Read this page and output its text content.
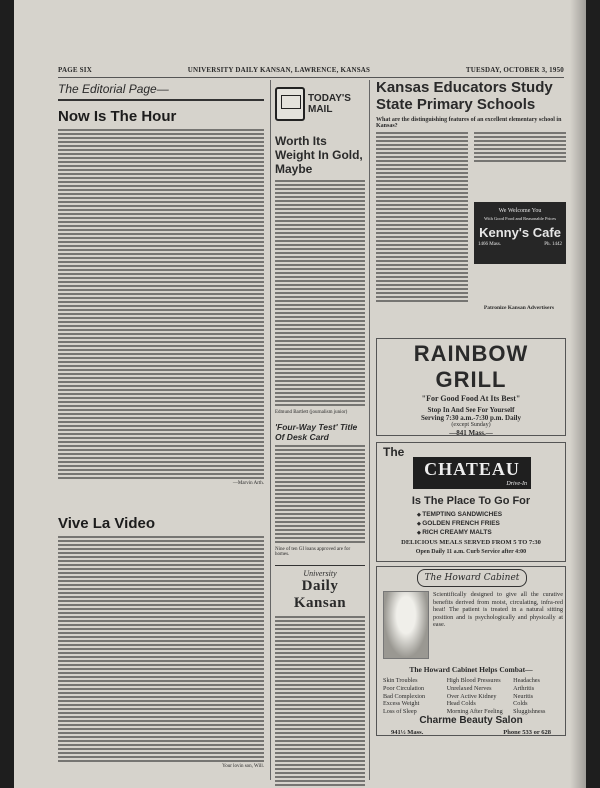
PAGE SIX	UNIVERSITY DAILY KANSAN, LAWRENCE, KANSAS	TUESDAY, OCTOBER 3, 1950
The Editorial Page—
Now Is The Hour
—Marvin Arth.
Vive La Video
Your lovin son, Will.
TODAY'S
MAIL
Worth Its Weight In Gold, Maybe
Edmund Bartlett (journalism junior)
'Four-Way Test' Title Of Desk Card
Nine of ten GI loans approved are for homes.
University
Daily Kansan
Kansas Educators Study State Primary Schools
What are the distinguishing features of an excellent elementary school in Kansas?
Patronize Kansan Advertisers
We Welcome You
With Good Food and Reasonable Prices
Kenny's Cafe
1466 Mass.	Ph. 1442
RAINBOW GRILL
"For Good Food At Its Best"
Stop In And See For Yourself
Serving 7:30 a.m.-7:30 p.m. Daily
(except Sunday)
—841 Mass.—
The
CHATEAU
Drive-In
Is The Place To Go For
◆ TEMPTING SANDWICHES
◆ GOLDEN FRENCH FRIES
◆ RICH CREAMY MALTS
DELICIOUS MEALS SERVED FROM 5 TO 7:30
Open Daily 11 a.m. Curb Service after 4:00
The Howard Cabinet
Scientifically designed to give all the curative benefits derived from moist, circulating, infra-red heat! The patient is treated in a natural sitting position and is psychologically and physically at ease.
The Howard Cabinet Helps Combat—
Skin Troubles	High Blood Pressures	Headaches
Poor Circulation	Unrelaxed Nerves	Arthritis
Bad Complexion	Over Active Kidney	Neuritis
Excess Weight	Head Colds	Colds
Loss of Sleep	Morning After Feeling	Sluggishness
Charme Beauty Salon
941½ Mass.	Phone 533 or 628
